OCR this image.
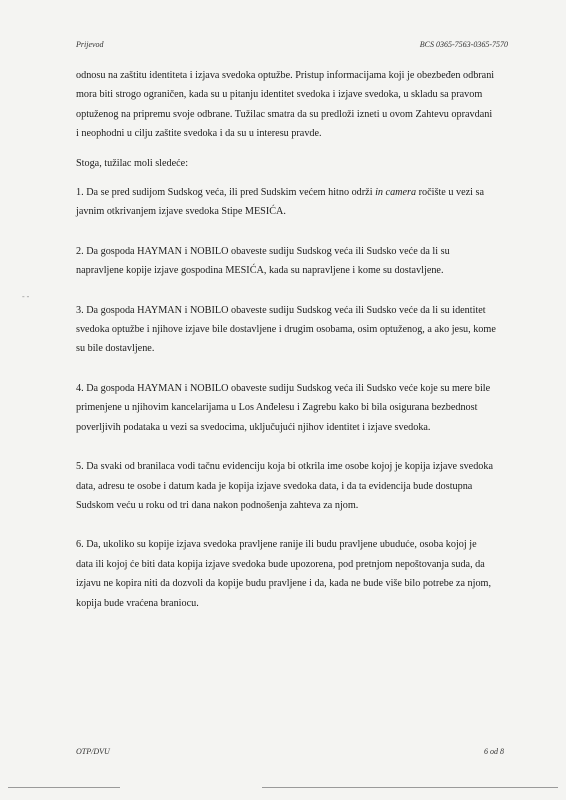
Prijevod	BCS 0365-7563-0365-7570
- -

odnosu na zaštitu identiteta i izjava svedoka optužbe. Pristup informacijama koji je obezbeđen odbrani mora biti strogo ograničen, kada su u pitanju identitet svedoka i izjave svedoka, u skladu sa pravom optuženog na pripremu svoje odbrane. Tužilac smatra da su predloži izneti u ovom Zahtevu opravdani i neophodni u cilju zaštite svedoka i da su u interesu pravde.

Stoga, tužilac moli sledeće:

1. Da se pred sudijom Sudskog veća, ili pred Sudskim većem hitno održi in camera ročište u vezi sa javnim otkrivanjem izjave svedoka Stipe MESIĆA.

2. Da gospoda HAYMAN i NOBILO obaveste sudiju Sudskog veća ili Sudsko veće da li su napravljene kopije izjave gospodina MESIĆA, kada su napravljene i kome su dostavljene.

3. Da gospoda HAYMAN i NOBILO obaveste sudiju Sudskog veća ili Sudsko veće da li su identitet svedoka optužbe i njihove izjave bile dostavljene i drugim osobama, osim optuženog, a ako jesu, kome su bile dostavljene.

4. Da gospoda HAYMAN i NOBILO obaveste sudiju Sudskog veća ili Sudsko veće koje su mere bile primenjene u njihovim kancelarijama u Los Anđelesu i Zagrebu kako bi bila osigurana bezbednost poverljivih podataka u vezi sa svedocima, uključujući njihov identitet i izjave svedoka.

5. Da svaki od branilaca vodi tačnu evidenciju koja bi otkrila ime osobe kojoj je kopija izjave svedoka data, adresu te osobe i datum kada je kopija izjave svedoka data, i da ta evidencija bude dostupna Sudskom veću u roku od tri dana nakon podnošenja zahteva za njom.

6. Da, ukoliko su kopije izjava svedoka pravljene ranije ili budu pravljene ubuduće, osoba kojoj je data ili kojoj će biti data kopija izjave svedoka bude upozorena, pod pretnjom nepoštovanja suda, da izjavu ne kopira niti da dozvoli da kopije budu pravljene i da, kada ne bude više bilo potrebe za njom, kopija bude vraćena braniocu.

OTP/DVU	6 od 8
